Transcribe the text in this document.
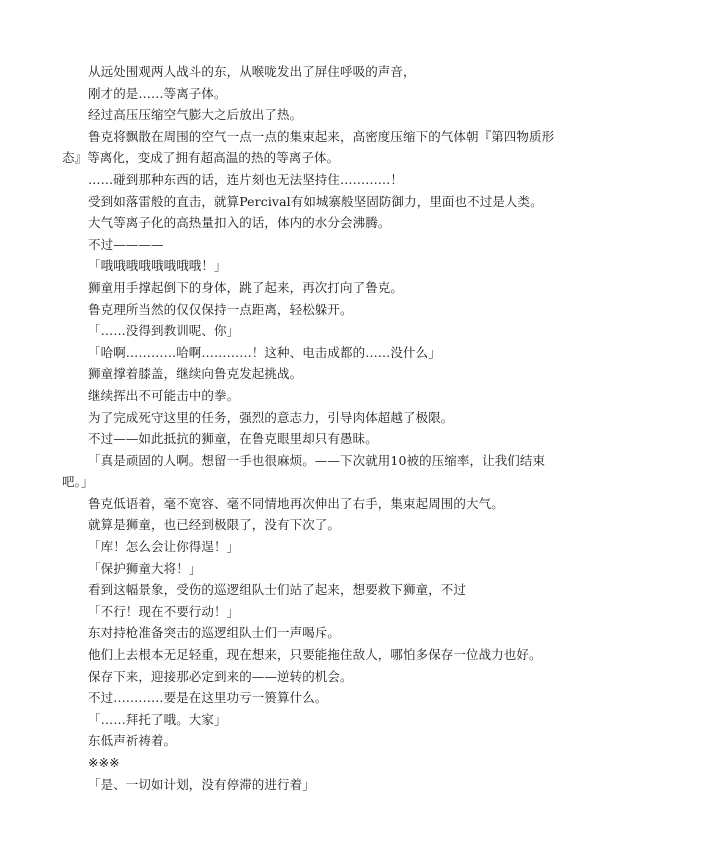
从远处围观两人战斗的东，从喉咙发出了屏住呼吸的声音，

刚才的是……等离子体。

经过高压压缩空气膨大之后放出了热。

鲁克将飘散在周围的空气一点一点的集束起来，高密度压缩下的气体朝『第四物质形态』等离化，变成了拥有超高温的热的等离子体。

……碰到那种东西的话，连片刻也无法坚持住…………！

受到如落雷般的直击，就算Percival有如城寨般坚固防御力，里面也不过是人类。

大气等离子化的高热量扣入的话，体内的水分会沸腾。

不过————

「哦哦哦哦哦哦哦哦！」

狮童用手撑起倒下的身体，跳了起来，再次打向了鲁克。

鲁克理所当然的仅仅保持一点距离，轻松躲开。

「……没得到教训呢、你」

「哈啊…………哈啊…………！这种、电击成都的……没什么」

狮童撑着膝盖，继续向鲁克发起挑战。

继续挥出不可能击中的拳。

为了完成死守这里的任务，强烈的意志力，引导肉体超越了极限。

不过——如此抵抗的狮童，在鲁克眼里却只有愚昧。

「真是顽固的人啊。想留一手也很麻烦。——下次就用10被的压缩率，让我们结束吧。」

鲁克低语着，毫不宽容、毫不同情地再次伸出了右手，集束起周围的大气。

就算是狮童，也已经到极限了，没有下次了。

「库！怎么会让你得逞！」

「保护狮童大将！」

看到这幅景象，受伤的巡逻组队士们站了起来，想要救下狮童，不过

「不行！现在不要行动！」

东对持枪准备突击的巡逻组队士们一声喝斥。

他们上去根本无足轻重，现在想来，只要能拖住敌人，哪怕多保存一位战力也好。

保存下来，迎接那必定到来的——逆转的机会。

不过…………要是在这里功亏一篑算什么。

「……拜托了哦。大家」

东低声祈祷着。

※※※

「是、一切如计划，没有停滞的进行着」
